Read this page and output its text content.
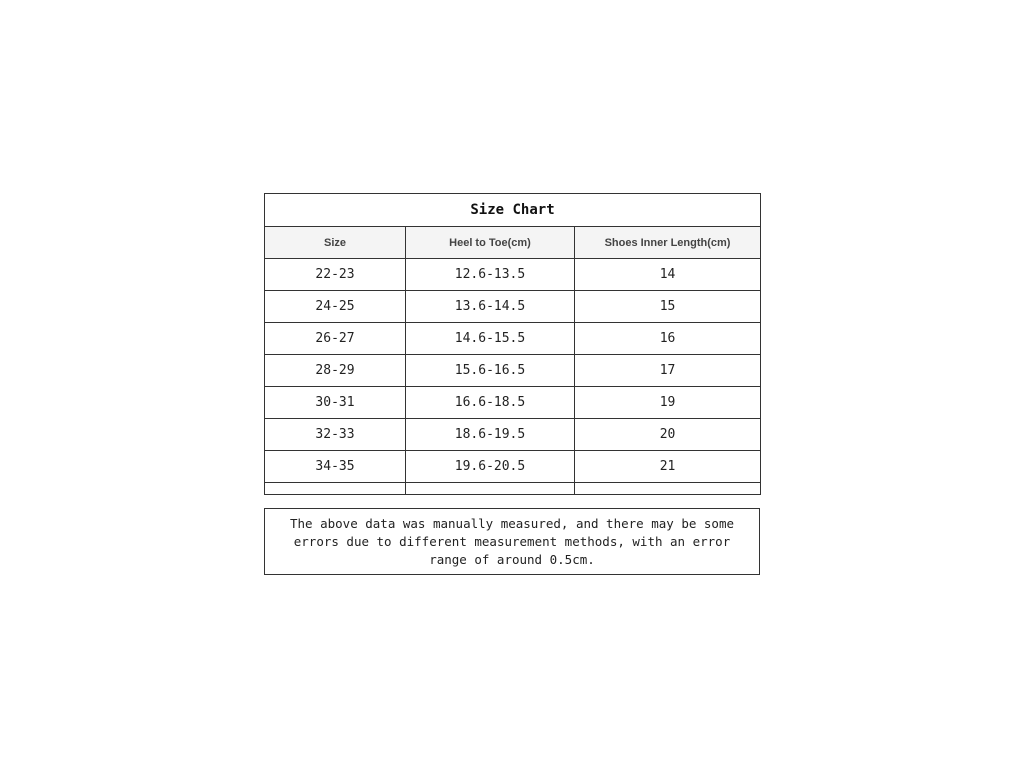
Size Chart		
Size	Heel to Toe(cm)	Shoes Inner Length(cm)
22-23	12.6-13.5	14
24-25	13.6-14.5	15
26-27	14.6-15.5	16
28-29	15.6-16.5	17
30-31	16.6-18.5	19
32-33	18.6-19.5	20
34-35	19.6-20.5	21

The above data was manually measured, and there may be some errors due to different measurement methods, with an error range of around 0.5cm.
